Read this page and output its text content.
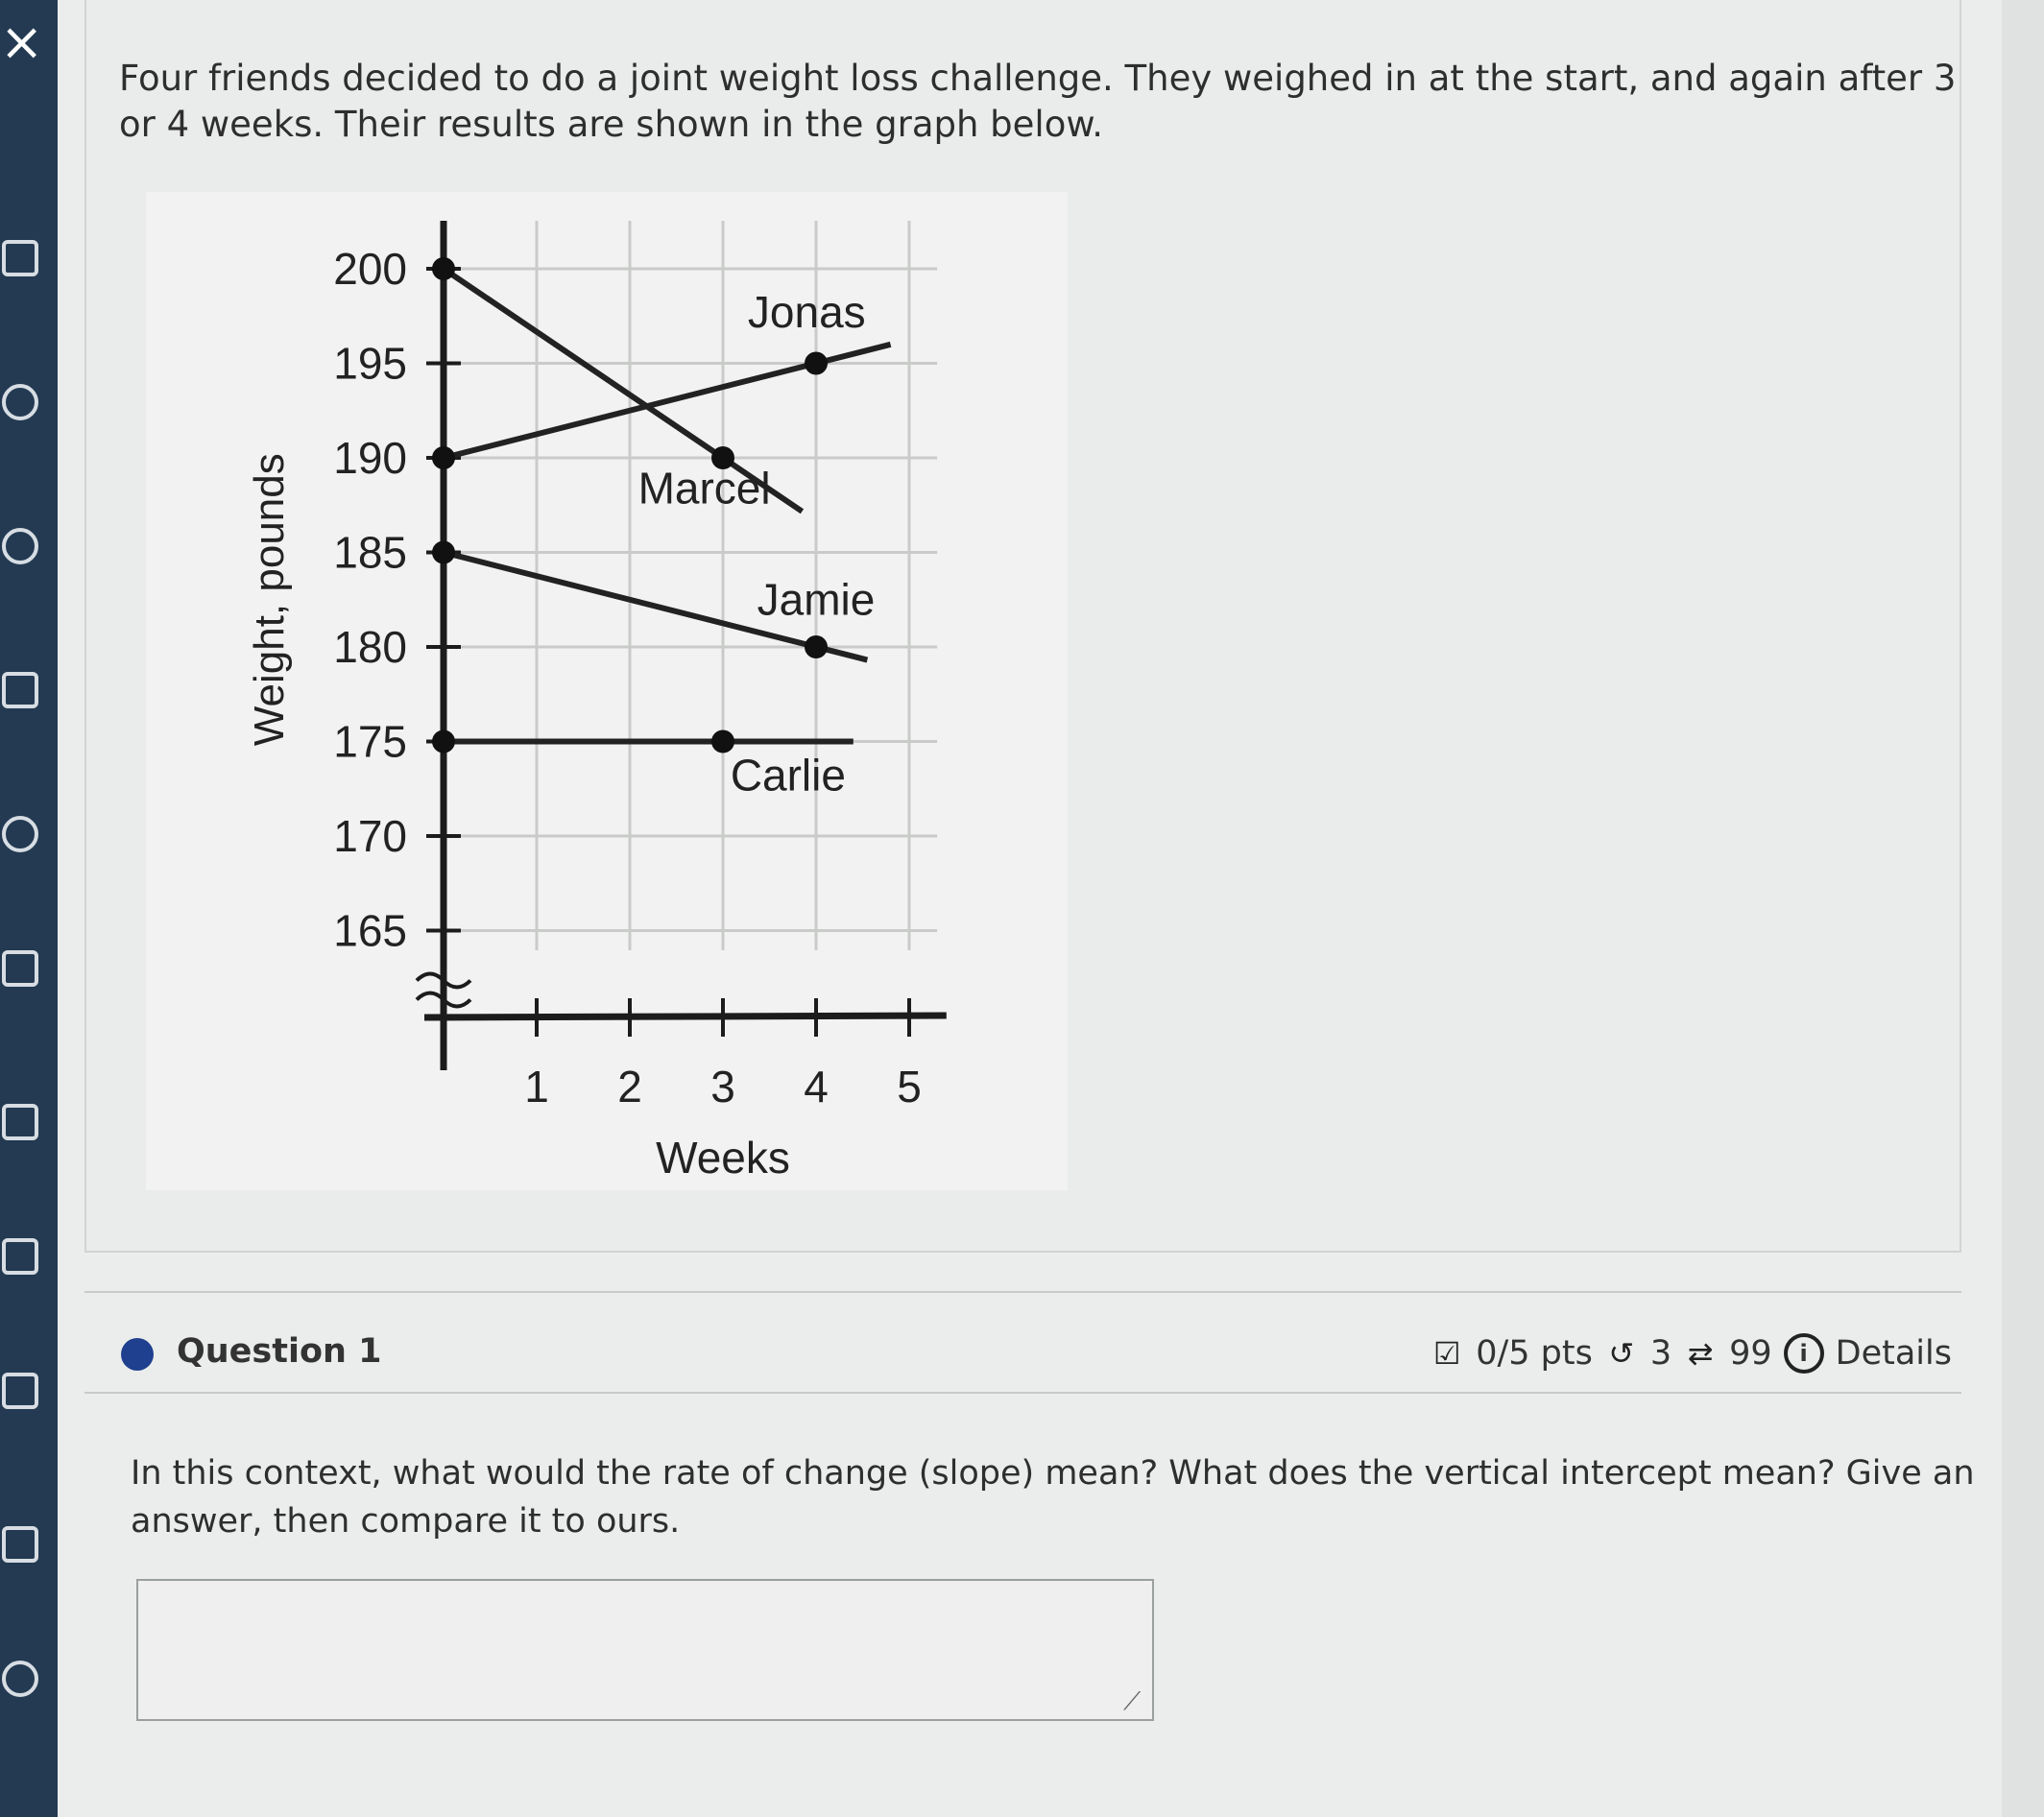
×
Four friends decided to do a joint weight loss challenge. They weighed in at the start, and again after 3 or 4 weeks. Their results are shown in the graph below.
200
195
190
185
180
175
170
165
1 2 3 4 5
Weeks
Weight, pounds
Jonas
Marcel
Jamie
Carlie
Question 1	☑ 0/5 pts ↺ 3 ⇄ 99	i Details
In this context, what would the rate of change (slope) mean? What does the vertical intercept mean? Give an answer, then compare it to ours.
⟋
